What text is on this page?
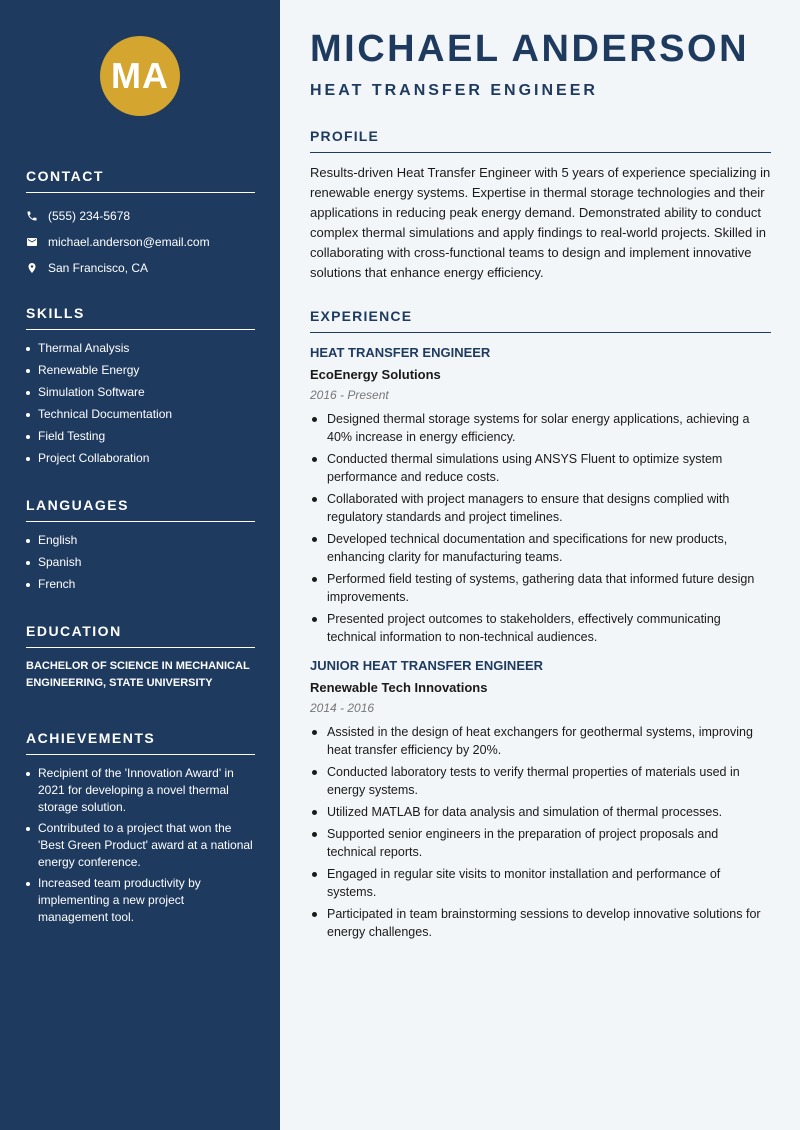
MA
CONTACT
(555) 234-5678
michael.anderson@email.com
San Francisco, CA
SKILLS
Thermal Analysis
Renewable Energy
Simulation Software
Technical Documentation
Field Testing
Project Collaboration
LANGUAGES
English
Spanish
French
EDUCATION
BACHELOR OF SCIENCE IN MECHANICAL ENGINEERING, STATE UNIVERSITY
ACHIEVEMENTS
Recipient of the 'Innovation Award' in 2021 for developing a novel thermal storage solution.
Contributed to a project that won the 'Best Green Product' award at a national energy conference.
Increased team productivity by implementing a new project management tool.
MICHAEL ANDERSON
HEAT TRANSFER ENGINEER
PROFILE

Results-driven Heat Transfer Engineer with 5 years of experience specializing in renewable energy systems. Expertise in thermal storage technologies and their applications in reducing peak energy demand. Demonstrated ability to conduct complex thermal simulations and apply findings to real-world projects. Skilled in collaborating with cross-functional teams to design and implement innovative solutions that enhance energy efficiency.

EXPERIENCE
HEAT TRANSFER ENGINEER
EcoEnergy Solutions
2016 - Present
Designed thermal storage systems for solar energy applications, achieving a 40% increase in energy efficiency.
Conducted thermal simulations using ANSYS Fluent to optimize system performance and reduce costs.
Collaborated with project managers to ensure that designs complied with regulatory standards and project timelines.
Developed technical documentation and specifications for new products, enhancing clarity for manufacturing teams.
Performed field testing of systems, gathering data that informed future design improvements.
Presented project outcomes to stakeholders, effectively communicating technical information to non-technical audiences.
JUNIOR HEAT TRANSFER ENGINEER
Renewable Tech Innovations
2014 - 2016
Assisted in the design of heat exchangers for geothermal systems, improving heat transfer efficiency by 20%.
Conducted laboratory tests to verify thermal properties of materials used in energy systems.
Utilized MATLAB for data analysis and simulation of thermal processes.
Supported senior engineers in the preparation of project proposals and technical reports.
Engaged in regular site visits to monitor installation and performance of systems.
Participated in team brainstorming sessions to develop innovative solutions for energy challenges.
